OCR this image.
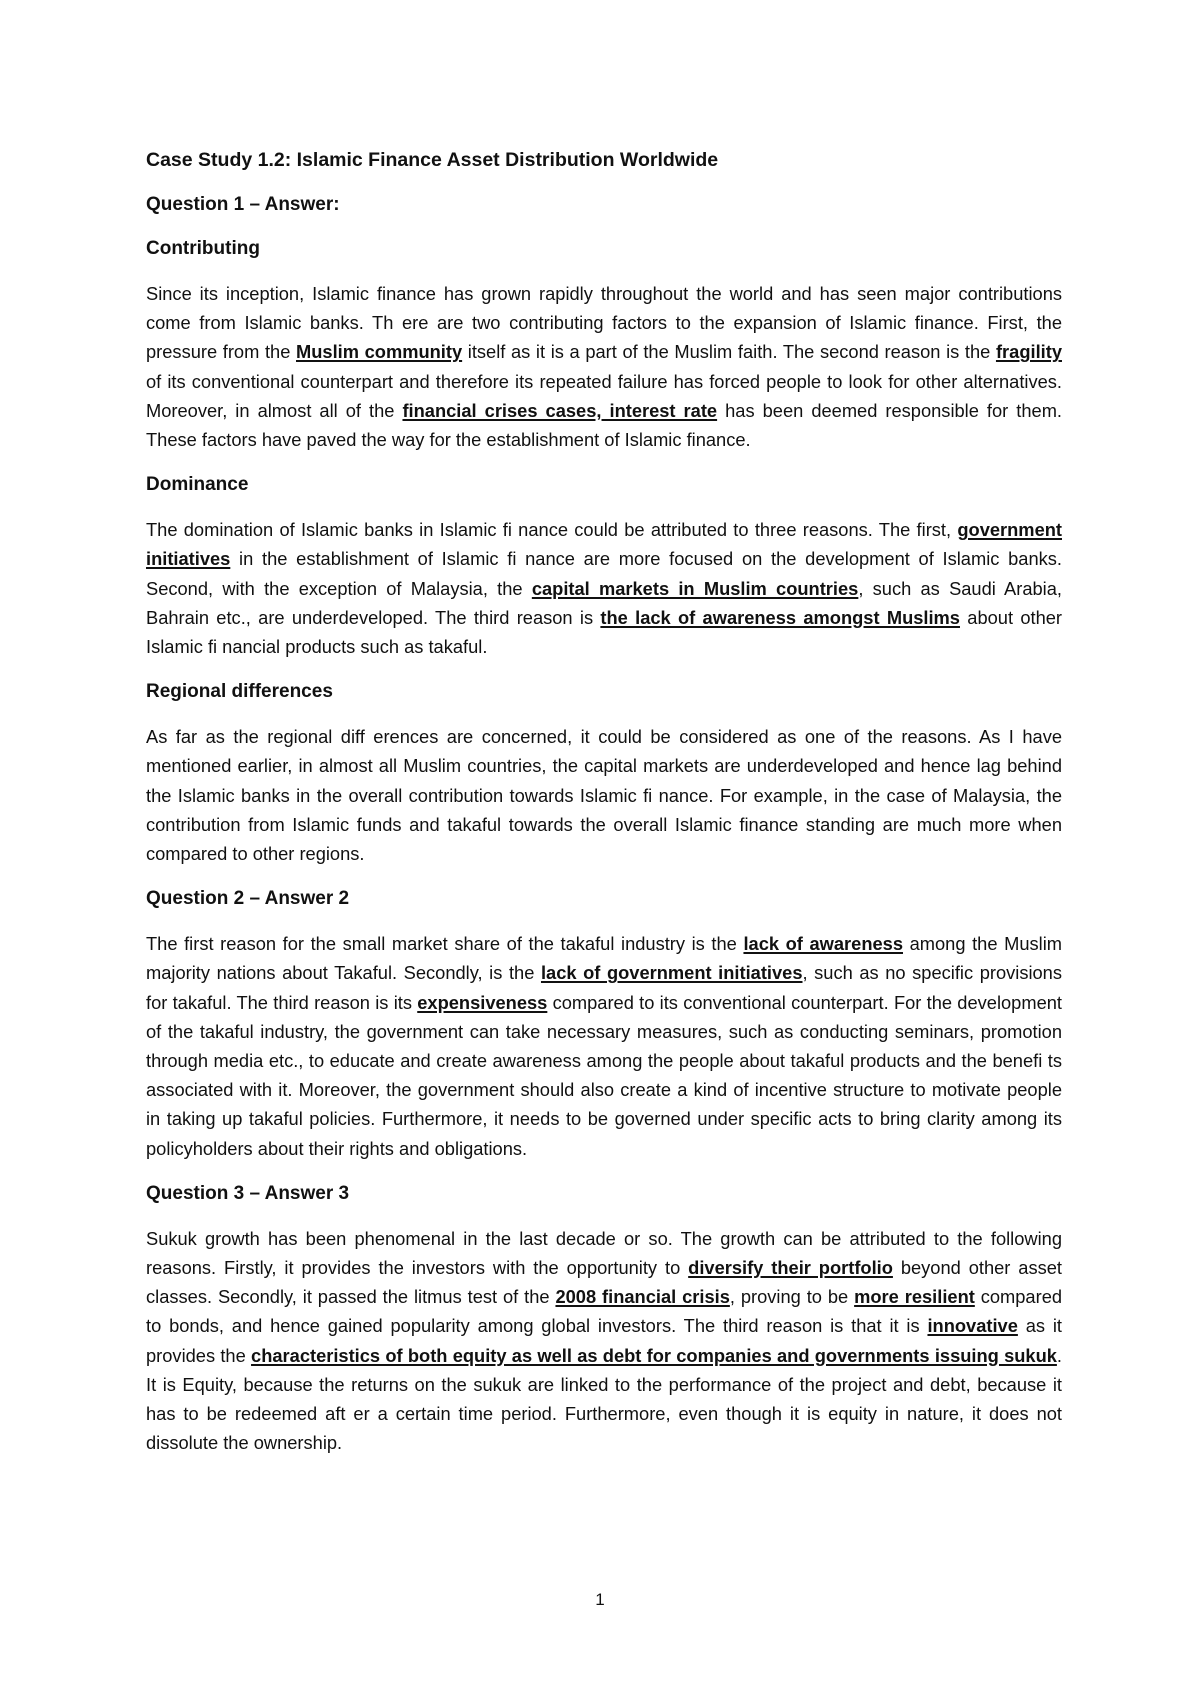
Case Study 1.2: Islamic Finance Asset Distribution Worldwide
Question 1 – Answer:
Contributing

Since its inception, Islamic finance has grown rapidly throughout the world and has seen major contributions come from Islamic banks. Th ere are two contributing factors to the expansion of Islamic finance. First, the pressure from the Muslim community itself as it is a part of the Muslim faith. The second reason is the fragility of its conventional counterpart and therefore its repeated failure has forced people to look for other alternatives. Moreover, in almost all of the financial crises cases, interest rate has been deemed responsible for them. These factors have paved the way for the establishment of Islamic finance.

Dominance

The domination of Islamic banks in Islamic fi nance could be attributed to three reasons. The first, government initiatives in the establishment of Islamic fi nance are more focused on the development of Islamic banks. Second, with the exception of Malaysia, the capital markets in Muslim countries, such as Saudi Arabia, Bahrain etc., are underdeveloped. The third reason is the lack of awareness amongst Muslims about other Islamic fi nancial products such as takaful.

Regional differences

As far as the regional diff erences are concerned, it could be considered as one of the reasons. As I have mentioned earlier, in almost all Muslim countries, the capital markets are underdeveloped and hence lag behind the Islamic banks in the overall contribution towards Islamic fi nance. For example, in the case of Malaysia, the contribution from Islamic funds and takaful towards the overall Islamic finance standing are much more when compared to other regions.

Question 2 – Answer 2

The first reason for the small market share of the takaful industry is the lack of awareness among the Muslim majority nations about Takaful. Secondly, is the lack of government initiatives, such as no specific provisions for takaful. The third reason is its expensiveness compared to its conventional counterpart. For the development of the takaful industry, the government can take necessary measures, such as conducting seminars, promotion through media etc., to educate and create awareness among the people about takaful products and the benefi ts associated with it. Moreover, the government should also create a kind of incentive structure to motivate people in taking up takaful policies. Furthermore, it needs to be governed under specific acts to bring clarity among its policyholders about their rights and obligations.

Question 3 – Answer 3

Sukuk growth has been phenomenal in the last decade or so. The growth can be attributed to the following reasons. Firstly, it provides the investors with the opportunity to diversify their portfolio beyond other asset classes. Secondly, it passed the litmus test of the 2008 financial crisis, proving to be more resilient compared to bonds, and hence gained popularity among global investors. The third reason is that it is innovative as it provides the characteristics of both equity as well as debt for companies and governments issuing sukuk. It is Equity, because the returns on the sukuk are linked to the performance of the project and debt, because it has to be redeemed aft er a certain time period. Furthermore, even though it is equity in nature, it does not dissolute the ownership.

1
